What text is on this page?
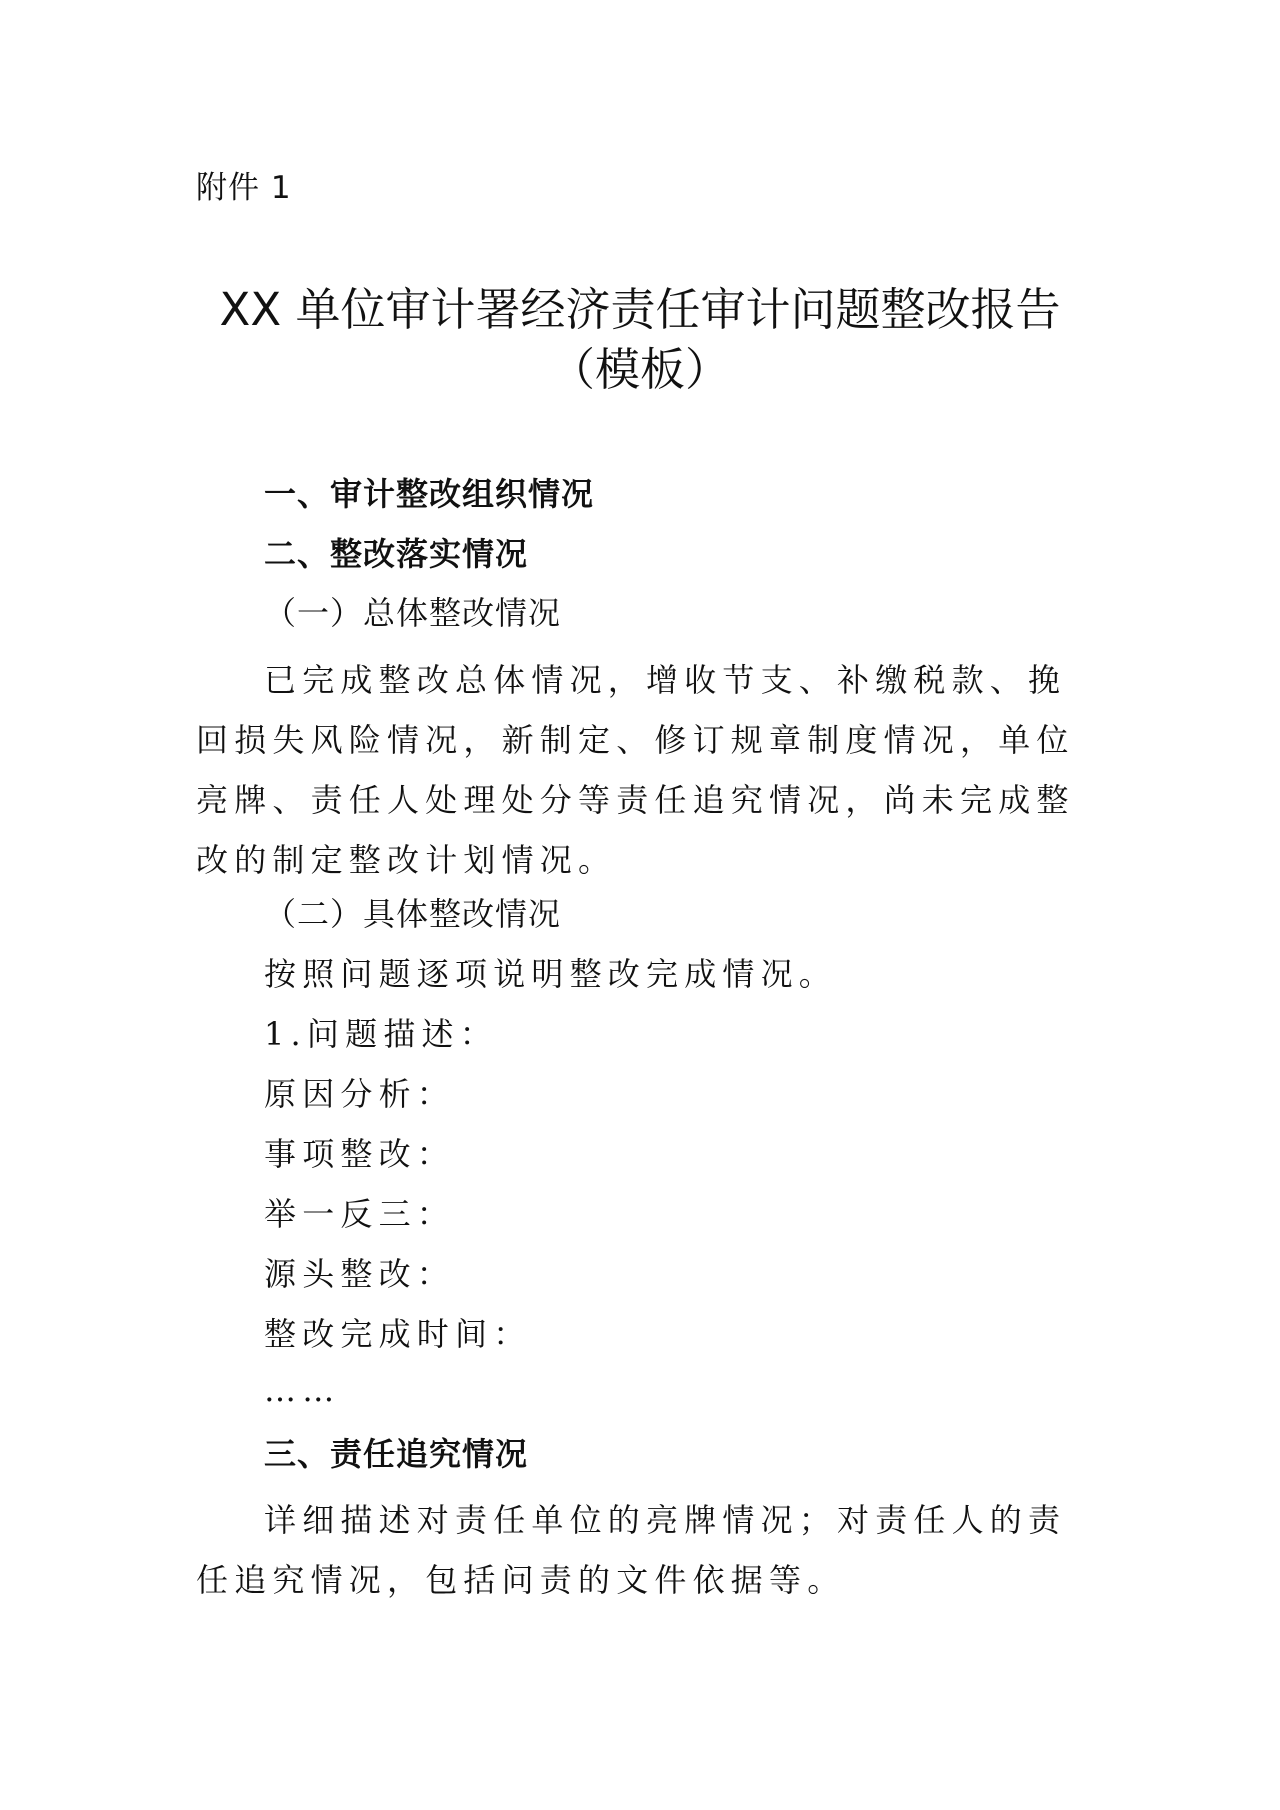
附件 1
XX 单位审计署经济责任审计问题整改报告
（模板）

一、审计整改组织情况

二、整改落实情况

（一）总体整改情况

已完成整改总体情况，增收节支、补缴税款、挽回损失风险情况，新制定、修订规章制度情况，单位亮牌、责任人处理处分等责任追究情况，尚未完成整改的制定整改计划情况。

（二）具体整改情况

按照问题逐项说明整改完成情况。

1.问题描述：

原因分析：

事项整改：

举一反三：

源头整改：

整改完成时间：

……

三、责任追究情况

详细描述对责任单位的亮牌情况；对责任人的责任追究情况，包括问责的文件依据等。
